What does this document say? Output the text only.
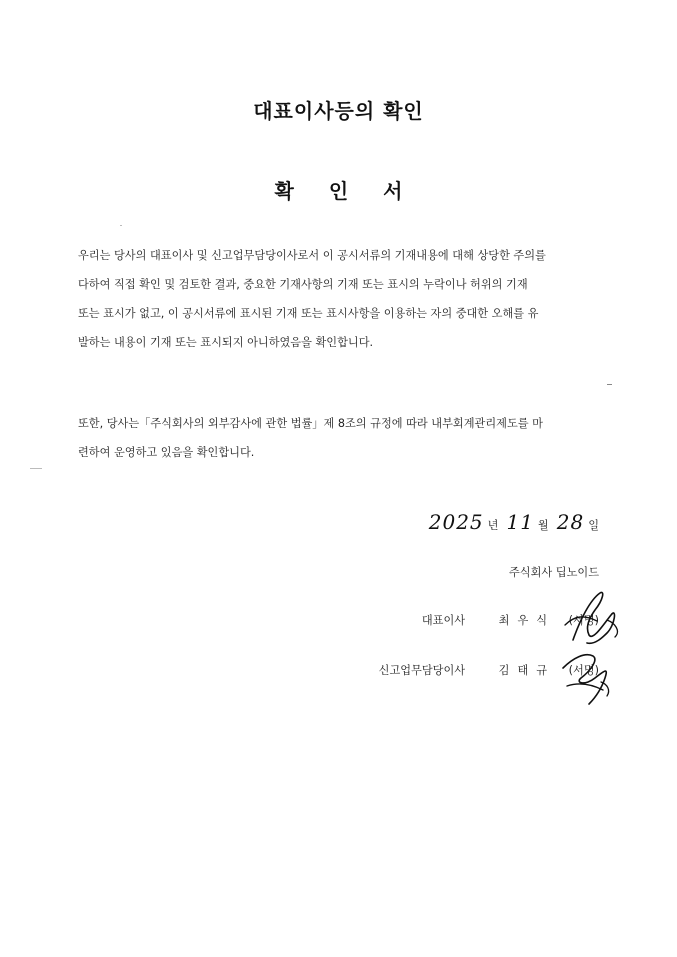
대표이사등의 확인
확 인 서
우리는 당사의 대표이사 및 신고업무담당이사로서 이 공시서류의 기재내용에 대해 상당한 주의를
다하여 직접 확인 및 검토한 결과, 중요한 기재사항의 기재 또는 표시의 누락이나 허위의 기재
또는 표시가 없고, 이 공시서류에 표시된 기재 또는 표시사항을 이용하는 자의 중대한 오해를 유
발하는 내용이 기재 또는 표시되지 아니하였음을 확인합니다.
또한, 당사는「주식회사의 외부감사에 관한 법률」제 8조의 규정에 따라 내부회계관리제도를 마
련하여 운영하고 있음을 확인합니다.
2025 년 11 월 28 일
주식회사 딥노이드
대표이사	최우식 (서명)
신고업무담당이사	김태규 (서명)
